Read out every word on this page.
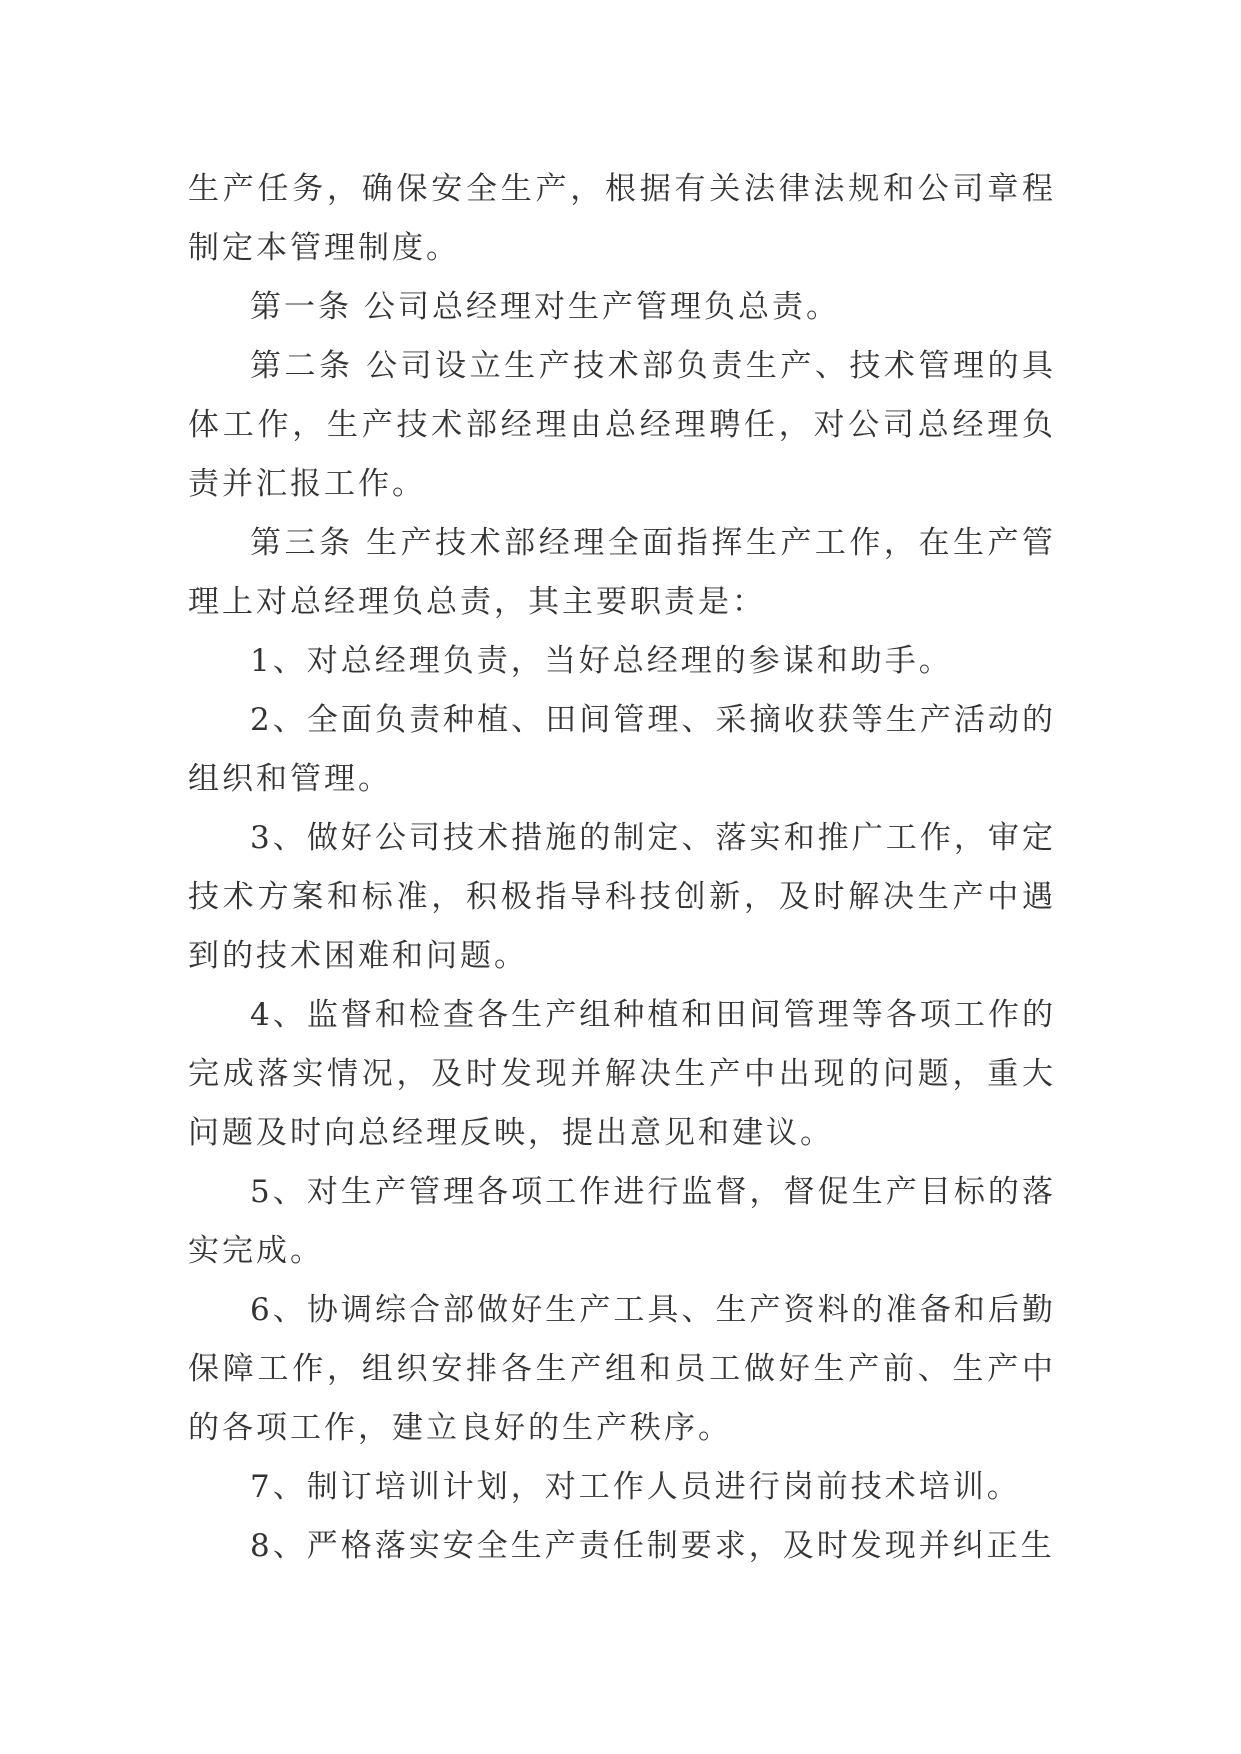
生产任务，确保安全生产，根据有关法律法规和公司章程制定本管理制度。

第一条 公司总经理对生产管理负总责。

第二条 公司设立生产技术部负责生产、技术管理的具体工作，生产技术部经理由总经理聘任，对公司总经理负责并汇报工作。

第三条 生产技术部经理全面指挥生产工作，在生产管理上对总经理负总责，其主要职责是：

1、对总经理负责，当好总经理的参谋和助手。

2、全面负责种植、田间管理、采摘收获等生产活动的组织和管理。

3、做好公司技术措施的制定、落实和推广工作，审定技术方案和标准，积极指导科技创新，及时解决生产中遇到的技术困难和问题。

4、监督和检查各生产组种植和田间管理等各项工作的完成落实情况，及时发现并解决生产中出现的问题，重大问题及时向总经理反映，提出意见和建议。

5、对生产管理各项工作进行监督，督促生产目标的落实完成。

6、协调综合部做好生产工具、生产资料的准备和后勤保障工作，组织安排各生产组和员工做好生产前、生产中的各项工作，建立良好的生产秩序。

7、制订培训计划，对工作人员进行岗前技术培训。

8、严格落实安全生产责任制要求，及时发现并纠正生
